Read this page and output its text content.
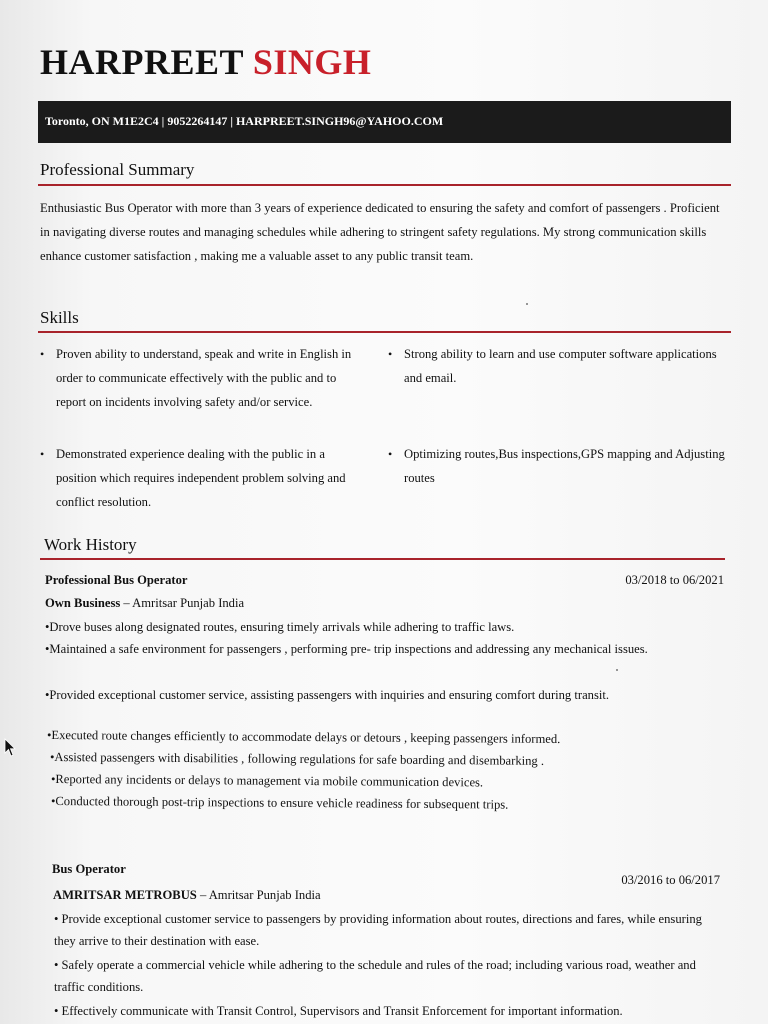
HARPREET SINGH
Toronto, ON M1E2C4 | 9052264147 | HARPREET.SINGH96@YAHOO.COM
Professional Summary

Enthusiastic Bus Operator with more than 3 years of experience dedicated to ensuring the safety and comfort of passengers . Proficient in navigating diverse routes and managing schedules while adhering to stringent safety regulations. My strong communication skills enhance customer satisfaction , making me a valuable asset to any public transit team.

Skills
• Proven ability to understand, speak and write in English in order to communicate effectively with the public and to report on incidents involving safety and/or service.
• Strong ability to learn and use computer software applications and email.
• Demonstrated experience dealing with the public in a position which requires independent problem solving and conflict resolution.
• Optimizing routes,Bus inspections,GPS mapping and Adjusting routes
Work History

Professional Bus Operator	03/2018 to 06/2021

Own Business – Amritsar Punjab India

•Drove buses along designated routes, ensuring timely arrivals while adhering to traffic laws.

•Maintained a safe environment for passengers , performing pre- trip inspections and addressing any mechanical issues.

•Provided exceptional customer service, assisting passengers with inquiries and ensuring comfort during transit.

•Executed route changes efficiently to accommodate delays or detours , keeping passengers informed.

•Assisted passengers with disabilities , following regulations for safe boarding and disembarking .

•Reported any incidents or delays to management via mobile communication devices.

•Conducted thorough post-trip inspections to ensure vehicle readiness for subsequent trips.

Bus Operator

03/2016 to 06/2017

AMRITSAR METROBUS – Amritsar Punjab India

• Provide exceptional customer service to passengers by providing information about routes, directions and fares, while ensuring they arrive to their destination with ease.

• Safely operate a commercial vehicle while adhering to the schedule and rules of the road; including various road, weather and traffic conditions.

• Effectively communicate with Transit Control, Supervisors and Transit Enforcement for important information.
